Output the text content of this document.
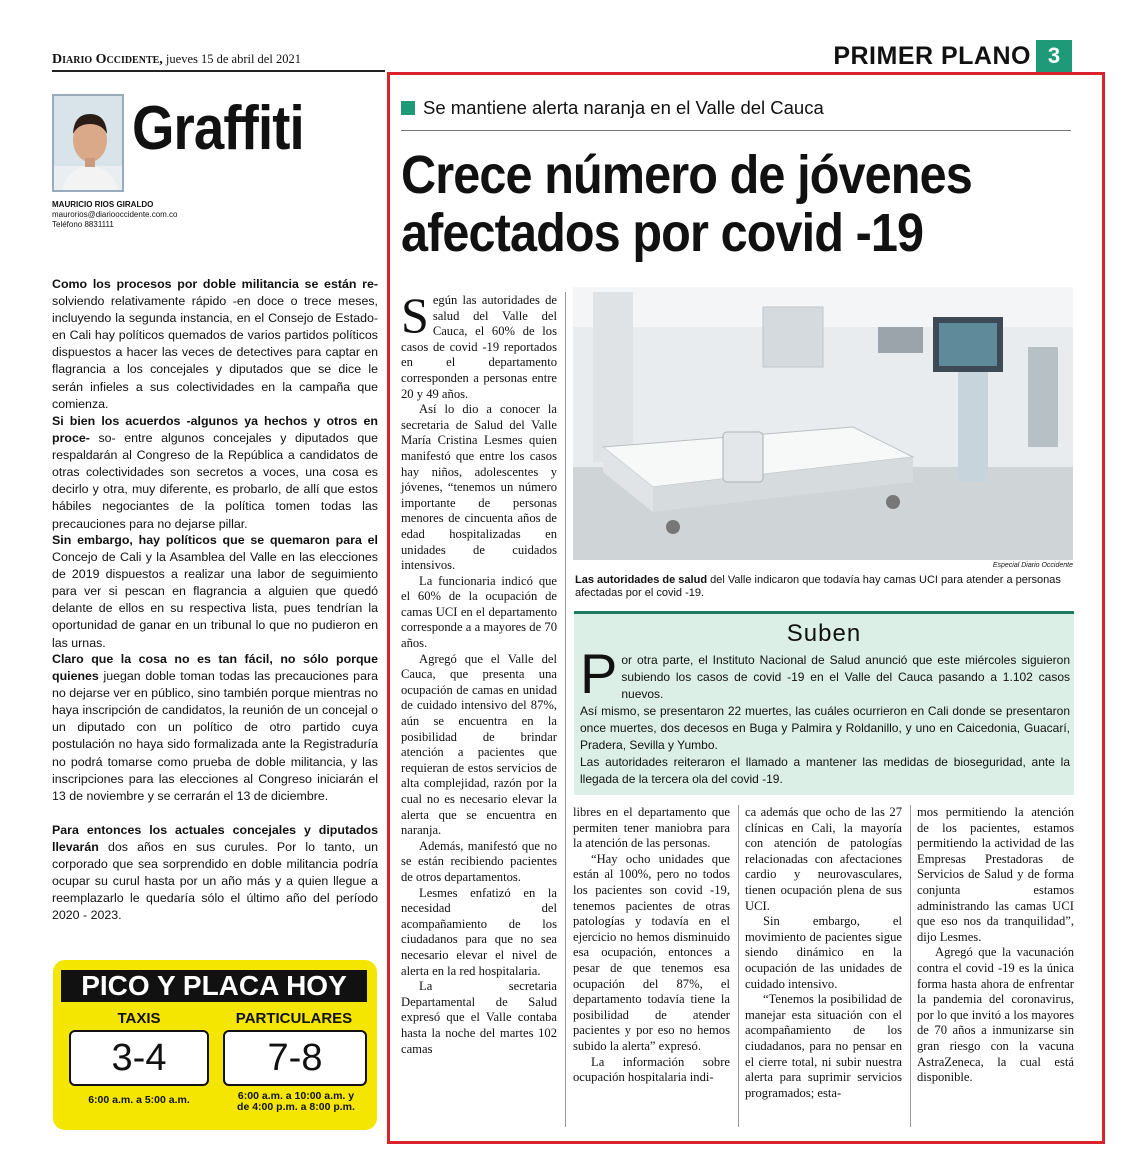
Diario Occidente, jueves 15 de abril del 2021	PRIMER PLANO 3
Graffiti
MAURICIO RIOS GIRALDO
maurorios@diariooccidente.com.co
Teléfono 8831111

Como los procesos por doble militancia se están re- solviendo relativamente rápido -en doce o trece meses, incluyendo la segunda instancia, en el Consejo de Estado- en Cali hay políticos quemados de varios partidos políticos dispuestos a hacer las veces de detectives para captar en flagrancia a los concejales y diputados que se dice le serán infieles a sus colectividades en la campaña que comienza.

Si bien los acuerdos -algunos ya hechos y otros en proce- so- entre algunos concejales y diputados que respaldarán al Congreso de la República a candidatos de otras colectividades son secretos a voces, una cosa es decirlo y otra, muy diferente, es probarlo, de allí que estos hábiles negociantes de la política tomen todas las precauciones para no dejarse pillar.

Sin embargo, hay políticos que se quemaron para el Concejo de Cali y la Asamblea del Valle en las elecciones de 2019 dispuestos a realizar una labor de seguimiento para ver si pescan en flagrancia a alguien que quedó delante de ellos en su respectiva lista, pues tendrían la oportunidad de ganar en un tribunal lo que no pudieron en las urnas.

Claro que la cosa no es tan fácil, no sólo porque quienes juegan doble toman todas las precauciones para no dejarse ver en público, sino también porque mientras no haya inscripción de candidatos, la reunión de un concejal o un diputado con un político de otro partido cuya postulación no haya sido formalizada ante la Registraduría no podrá tomarse como prueba de doble militancia, y las inscripciones para las elecciones al Congreso iniciarán el 13 de noviembre y se cerrarán el 13 de diciembre.

Para entonces los actuales concejales y diputados llevarán dos años en sus curules. Por lo tanto, un corporado que sea sorprendido en doble militancia podría ocupar su curul hasta por un año más y a quien llegue a reemplazarlo le quedaría sólo el último año del período 2020 - 2023.

PICO Y PLACA HOY
TAXIS	PARTICULARES
3-4	7-8
6:00 a.m. a 5:00 a.m.	6:00 a.m. a 10:00 a.m. y
de 4:00 p.m. a 8:00 p.m.
Se mantiene alerta naranja en el Valle del Cauca
Crece número de jóvenes
afectados por covid -19

Según las autoridades de salud del Valle del Cauca, el 60% de los casos de covid -19 reportados en el departamento corresponden a personas entre 20 y 49 años.

Así lo dio a conocer la secretaria de Salud del Valle María Cristina Lesmes quien manifestó que entre los casos hay niños, adolescentes y jóvenes, “tenemos un número importante de personas menores de cincuenta años de edad hospitalizadas en unidades de cuidados intensivos.

La funcionaria indicó que el 60% de la ocupación de camas UCI en el departamento corresponde a a mayores de 70 años.

Agregó que el Valle del Cauca, que presenta una ocupación de camas en unidad de cuidado intensivo del 87%, aún se encuentra en la posibilidad de brindar atención a pacientes que requieran de estos servicios de alta complejidad, razón por la cual no es necesario elevar la alerta que se encuentra en naranja.

Además, manifestó que no se están recibiendo pacientes de otros departamentos.

Lesmes enfatizó en la necesidad del acompañamiento de los ciudadanos para que no sea necesario elevar el nivel de alerta en la red hospitalaria.

La secretaria Departamental de Salud expresó que el Valle contaba hasta la noche del martes 102 camas

Especial Diario Occidente
Las autoridades de salud del Valle indicaron que todavía hay camas UCI para atender a personas afectadas por el covid -19.
Suben

Por otra parte, el Instituto Nacional de Salud anunció que este miércoles siguieron subiendo los casos de covid -19 en el Valle del Cauca pasando a 1.102 casos nuevos.

Así mismo, se presentaron 22 muertes, las cuáles ocurrieron en Cali donde se presentaron once muertes, dos decesos en Buga y Palmira y Roldanillo, y uno en Caicedonia, Guacarí, Pradera, Sevilla y Yumbo.

Las autoridades reiteraron el llamado a mantener las medidas de bioseguridad, ante la llegada de la tercera ola del covid -19.

libres en el departamento que permiten tener maniobra para la atención de las personas.

“Hay ocho unidades que están al 100%, pero no todos los pacientes son covid -19, tenemos pacientes de otras patologías y todavía en el ejercicio no hemos disminuido esa ocupación, entonces a pesar de que tenemos esa ocupación del 87%, el departamento todavía tiene la posibilidad de atender pacientes y por eso no hemos subido la alerta” expresó.

La información sobre ocupación hospitalaria indi-

ca además que ocho de las 27 clínicas en Cali, la mayoría con atención de patologías relacionadas con afectaciones cardio y neurovasculares, tienen ocupación plena de sus UCI.

Sin embargo, el movimiento de pacientes sigue siendo dinámico en la ocupación de las unidades de cuidado intensivo.

“Tenemos la posibilidad de manejar esta situación con el acompañamiento de los ciudadanos, para no pensar en el cierre total, ni subir nuestra alerta para suprimir servicios programados; esta-

mos permitiendo la atención de los pacientes, estamos permitiendo la actividad de las Empresas Prestadoras de Servicios de Salud y de forma conjunta estamos administrando las camas UCI que eso nos da tranquilidad”, dijo Lesmes.

Agregó que la vacunación contra el covid -19 es la única forma hasta ahora de enfrentar la pandemia del coronavirus, por lo que invitó a los mayores de 70 años a inmunizarse sin gran riesgo con la vacuna AstraZeneca, la cual está disponible.
